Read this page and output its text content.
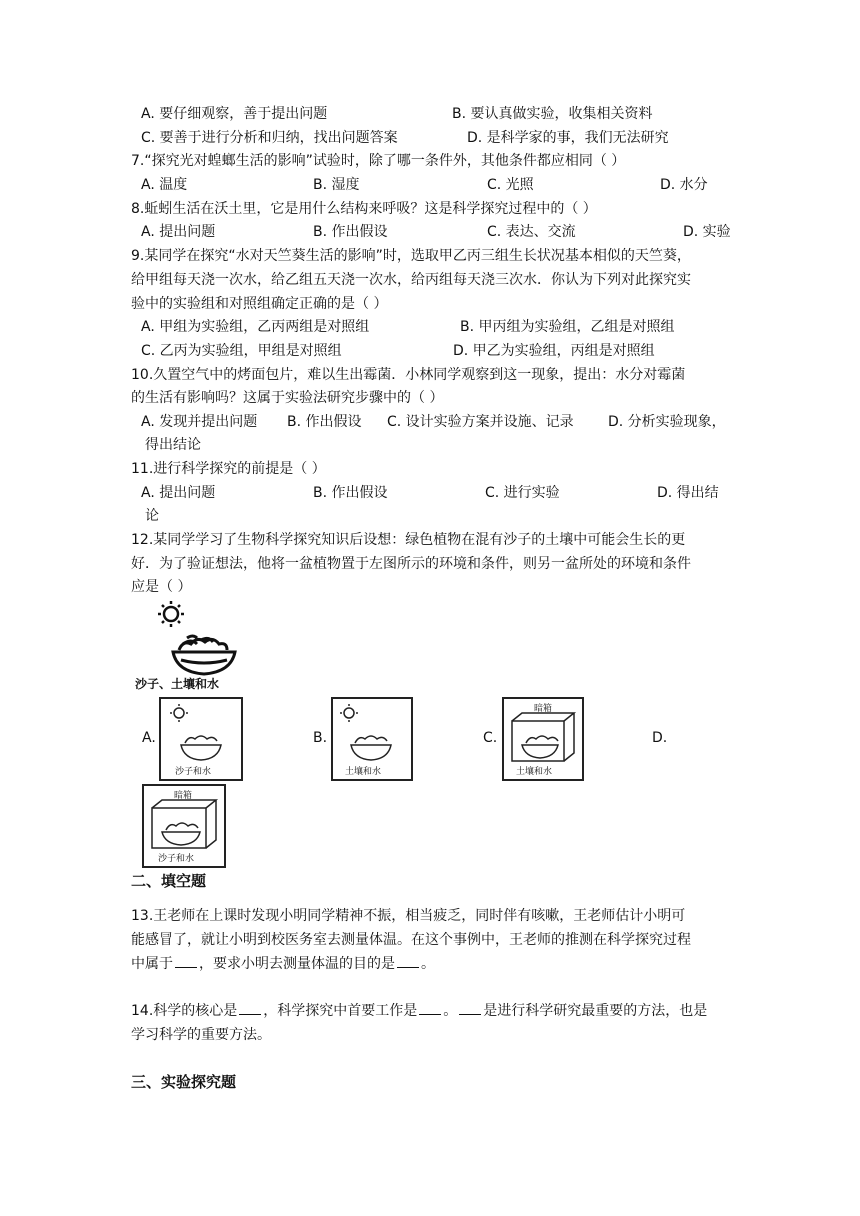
A. 要仔细观察，善于提出问题	B. 要认真做实验，收集相关资料
C. 要善于进行分析和归纳，找出问题答案	D. 是科学家的事，我们无法研究
7.“探究光对蝗螂生活的影响”试验时，除了哪一条件外，其他条件都应相同（ ）
A. 温度	B. 湿度	C. 光照	D. 水分
8.蚯蚓生活在沃土里，它是用什么结构来呼吸？这是科学探究过程中的（ ）
A. 提出问题	B. 作出假设	C. 表达、交流	D. 实验
9.某同学在探究“水对天竺葵生活的影响”时，选取甲乙丙三组生长状况基本相似的天竺葵，
给甲组每天浇一次水，给乙组五天浇一次水，给丙组每天浇三次水．你认为下列对此探究实
验中的实验组和对照组确定正确的是（ ）
A. 甲组为实验组，乙丙两组是对照组	B. 甲丙组为实验组，乙组是对照组
C. 乙丙为实验组，甲组是对照组	D. 甲乙为实验组，丙组是对照组
10.久置空气中的烤面包片，难以生出霉菌．小林同学观察到这一现象，提出：水分对霉菌
的生活有影响吗？这属于实验法研究步骤中的（ ）
A. 发现并提出问题 B. 作出假设 C. 设计实验方案并设施、记录 D. 分析实验现象，
得出结论
11.进行科学探究的前提是（ ）
A. 提出问题	B. 作出假设	C. 进行实验	D. 得出结
论
12.某同学学习了生物科学探究知识后设想：绿色植物在混有沙子的土壤中可能会生长的更
好．为了验证想法，他将一盆植物置于左图所示的环境和条件，则另一盆所处的环境和条件
应是（ ）
沙子、土壤和水
A.
沙子和水
B.
土壤和水
C.
暗箱
土壤和水
D.
暗箱
沙子和水
二、填空题
13.王老师在上课时发现小明同学精神不振，相当疲乏，同时伴有咳嗽，王老师估计小明可
能感冒了，就让小明到校医务室去测量体温。在这个事例中，王老师的推测在科学探究过程
中属于 ，要求小明去测量体温的目的是 。
14.科学的核心是 ，科学探究中首要工作是 。 是进行科学研究最重要的方法，也是
学习科学的重要方法。
三、实验探究题
